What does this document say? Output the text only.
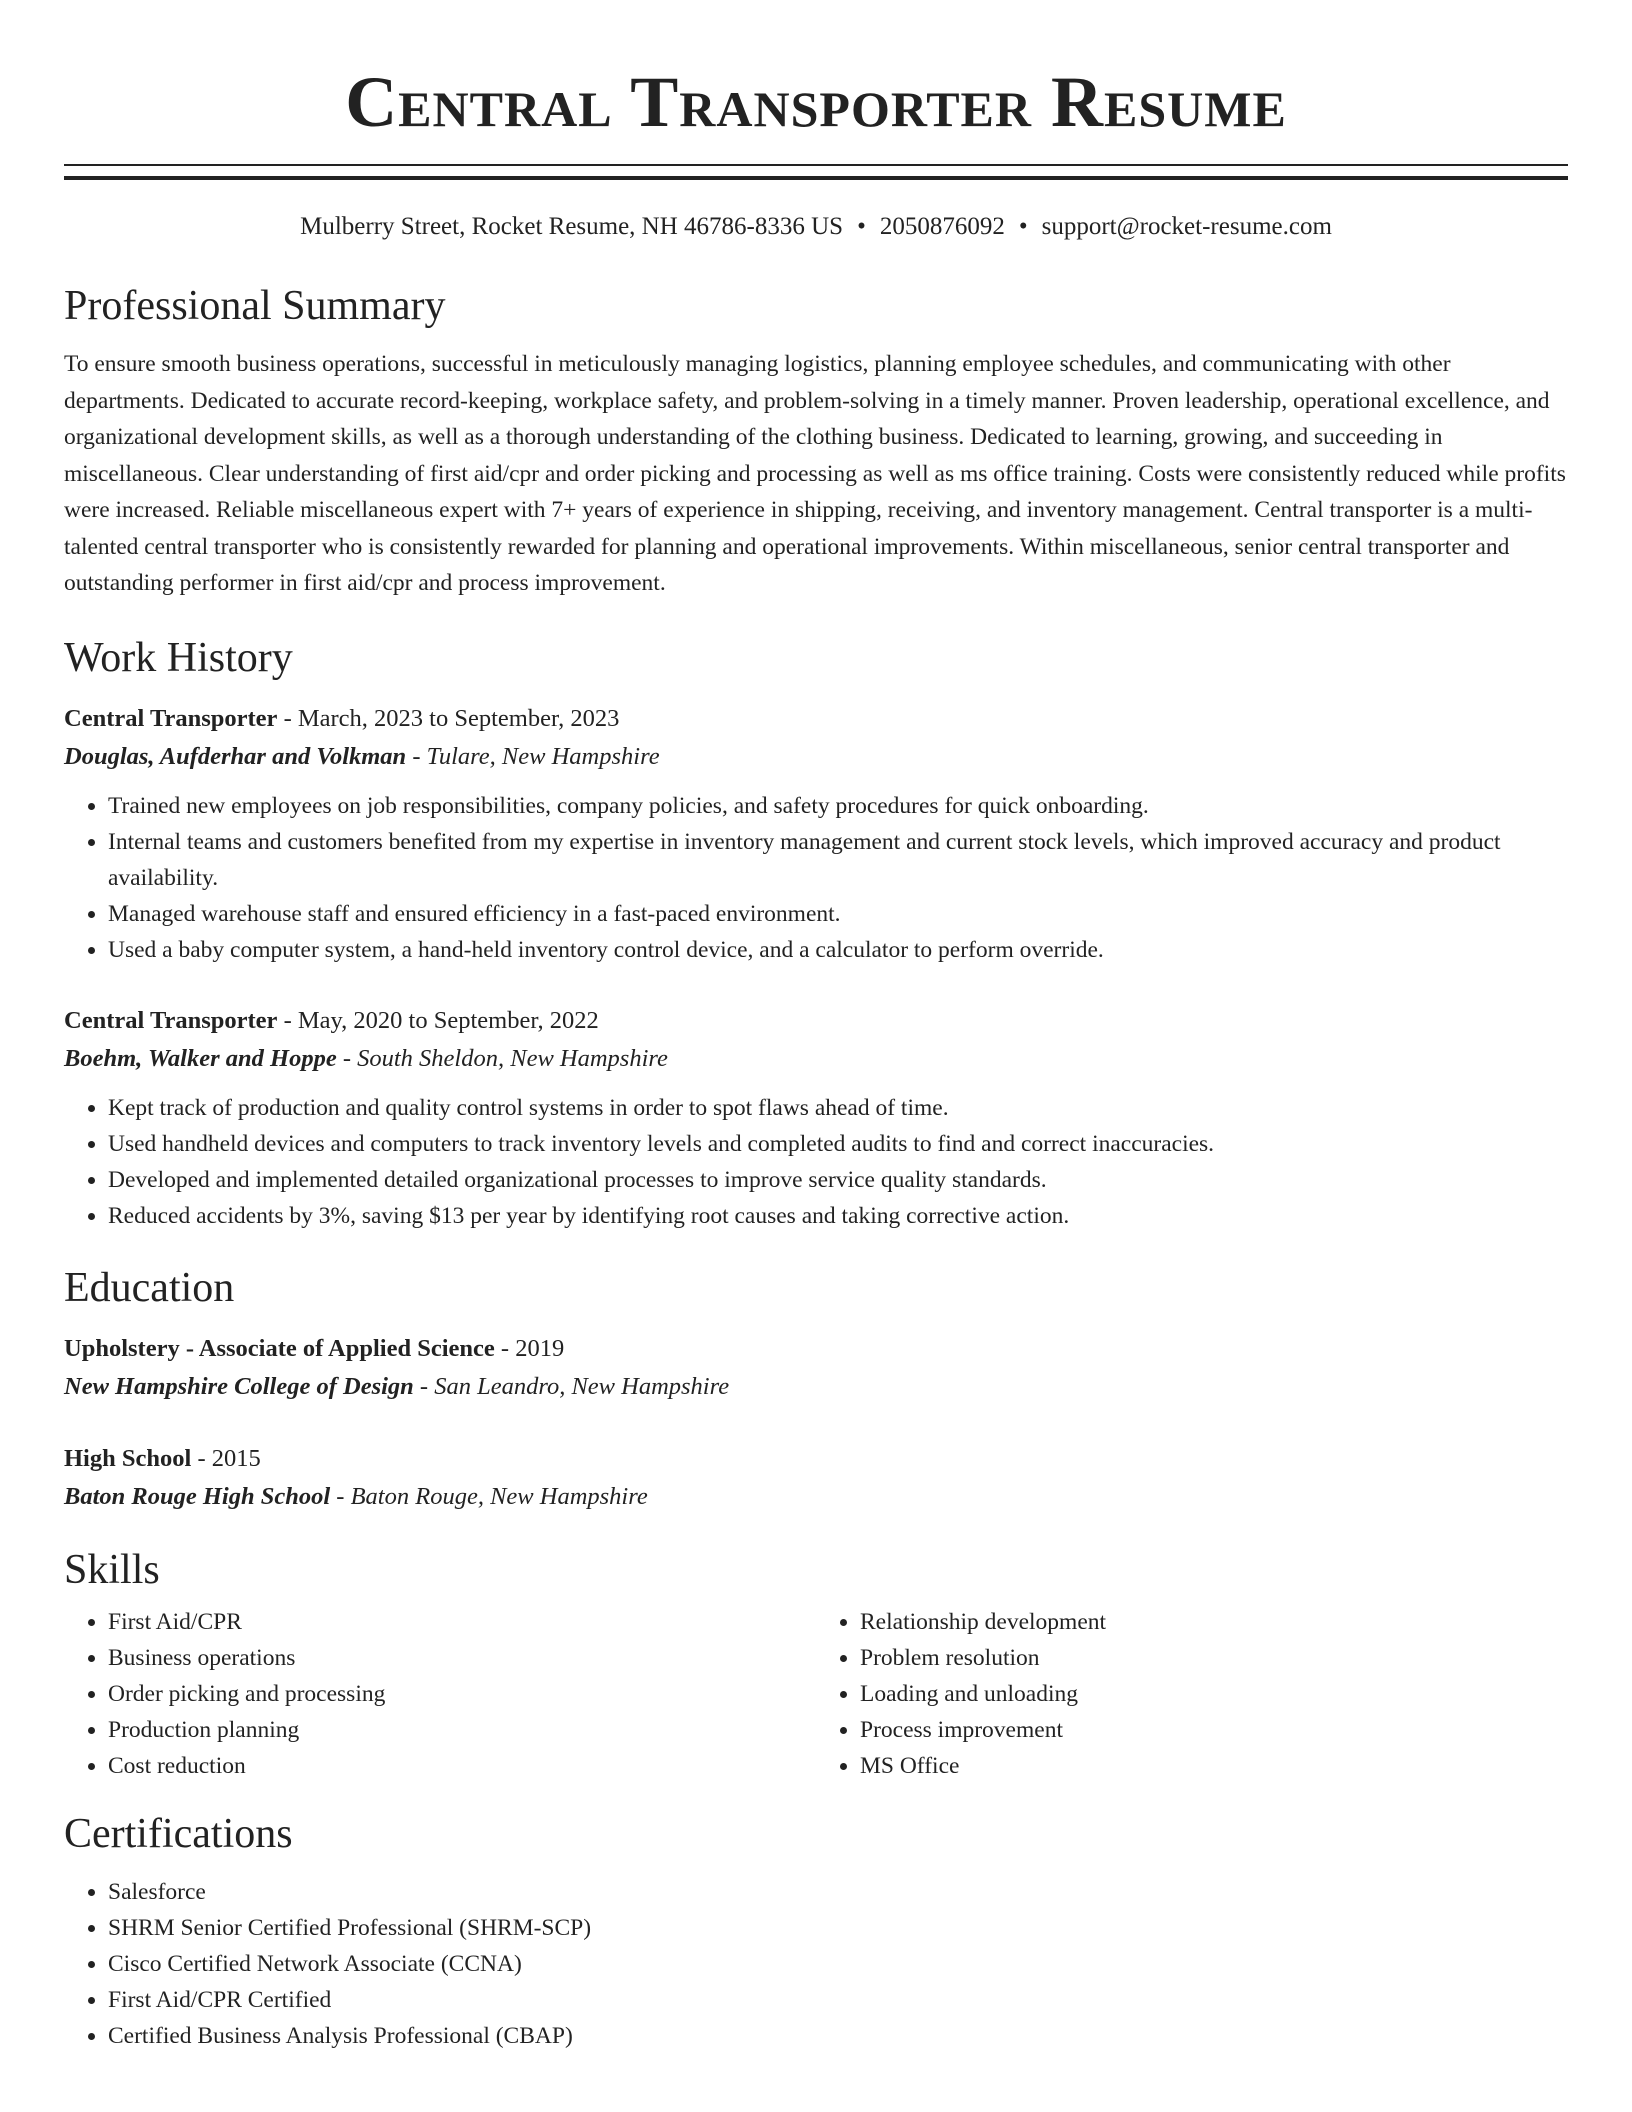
Central Transporter Resume
Mulberry Street, Rocket Resume, NH 46786-8336 US • 2050876092 • support@rocket-resume.com
Professional Summary

To ensure smooth business operations, successful in meticulously managing logistics, planning employee schedules, and communicating with other departments. Dedicated to accurate record-keeping, workplace safety, and problem-solving in a timely manner. Proven leadership, operational excellence, and organizational development skills, as well as a thorough understanding of the clothing business. Dedicated to learning, growing, and succeeding in miscellaneous. Clear understanding of first aid/cpr and order picking and processing as well as ms office training. Costs were consistently reduced while profits were increased. Reliable miscellaneous expert with 7+ years of experience in shipping, receiving, and inventory management. Central transporter is a multi-talented central transporter who is consistently rewarded for planning and operational improvements. Within miscellaneous, senior central transporter and outstanding performer in first aid/cpr and process improvement.

Work History
Central Transporter - March, 2023 to September, 2023
Douglas, Aufderhar and Volkman - Tulare, New Hampshire
• Trained new employees on job responsibilities, company policies, and safety procedures for quick onboarding.
• Internal teams and customers benefited from my expertise in inventory management and current stock levels, which improved accuracy and product availability.
• Managed warehouse staff and ensured efficiency in a fast-paced environment.
• Used a baby computer system, a hand-held inventory control device, and a calculator to perform override.
Central Transporter - May, 2020 to September, 2022
Boehm, Walker and Hoppe - South Sheldon, New Hampshire
• Kept track of production and quality control systems in order to spot flaws ahead of time.
• Used handheld devices and computers to track inventory levels and completed audits to find and correct inaccuracies.
• Developed and implemented detailed organizational processes to improve service quality standards.
• Reduced accidents by 3%, saving $13 per year by identifying root causes and taking corrective action.
Education
Upholstery - Associate of Applied Science - 2019
New Hampshire College of Design - San Leandro, New Hampshire
High School - 2015
Baton Rouge High School - Baton Rouge, New Hampshire
Skills
• First Aid/CPR
• Business operations
• Order picking and processing
• Production planning
• Cost reduction
• Relationship development
• Problem resolution
• Loading and unloading
• Process improvement
• MS Office
Certifications
• Salesforce
• SHRM Senior Certified Professional (SHRM-SCP)
• Cisco Certified Network Associate (CCNA)
• First Aid/CPR Certified
• Certified Business Analysis Professional (CBAP)
